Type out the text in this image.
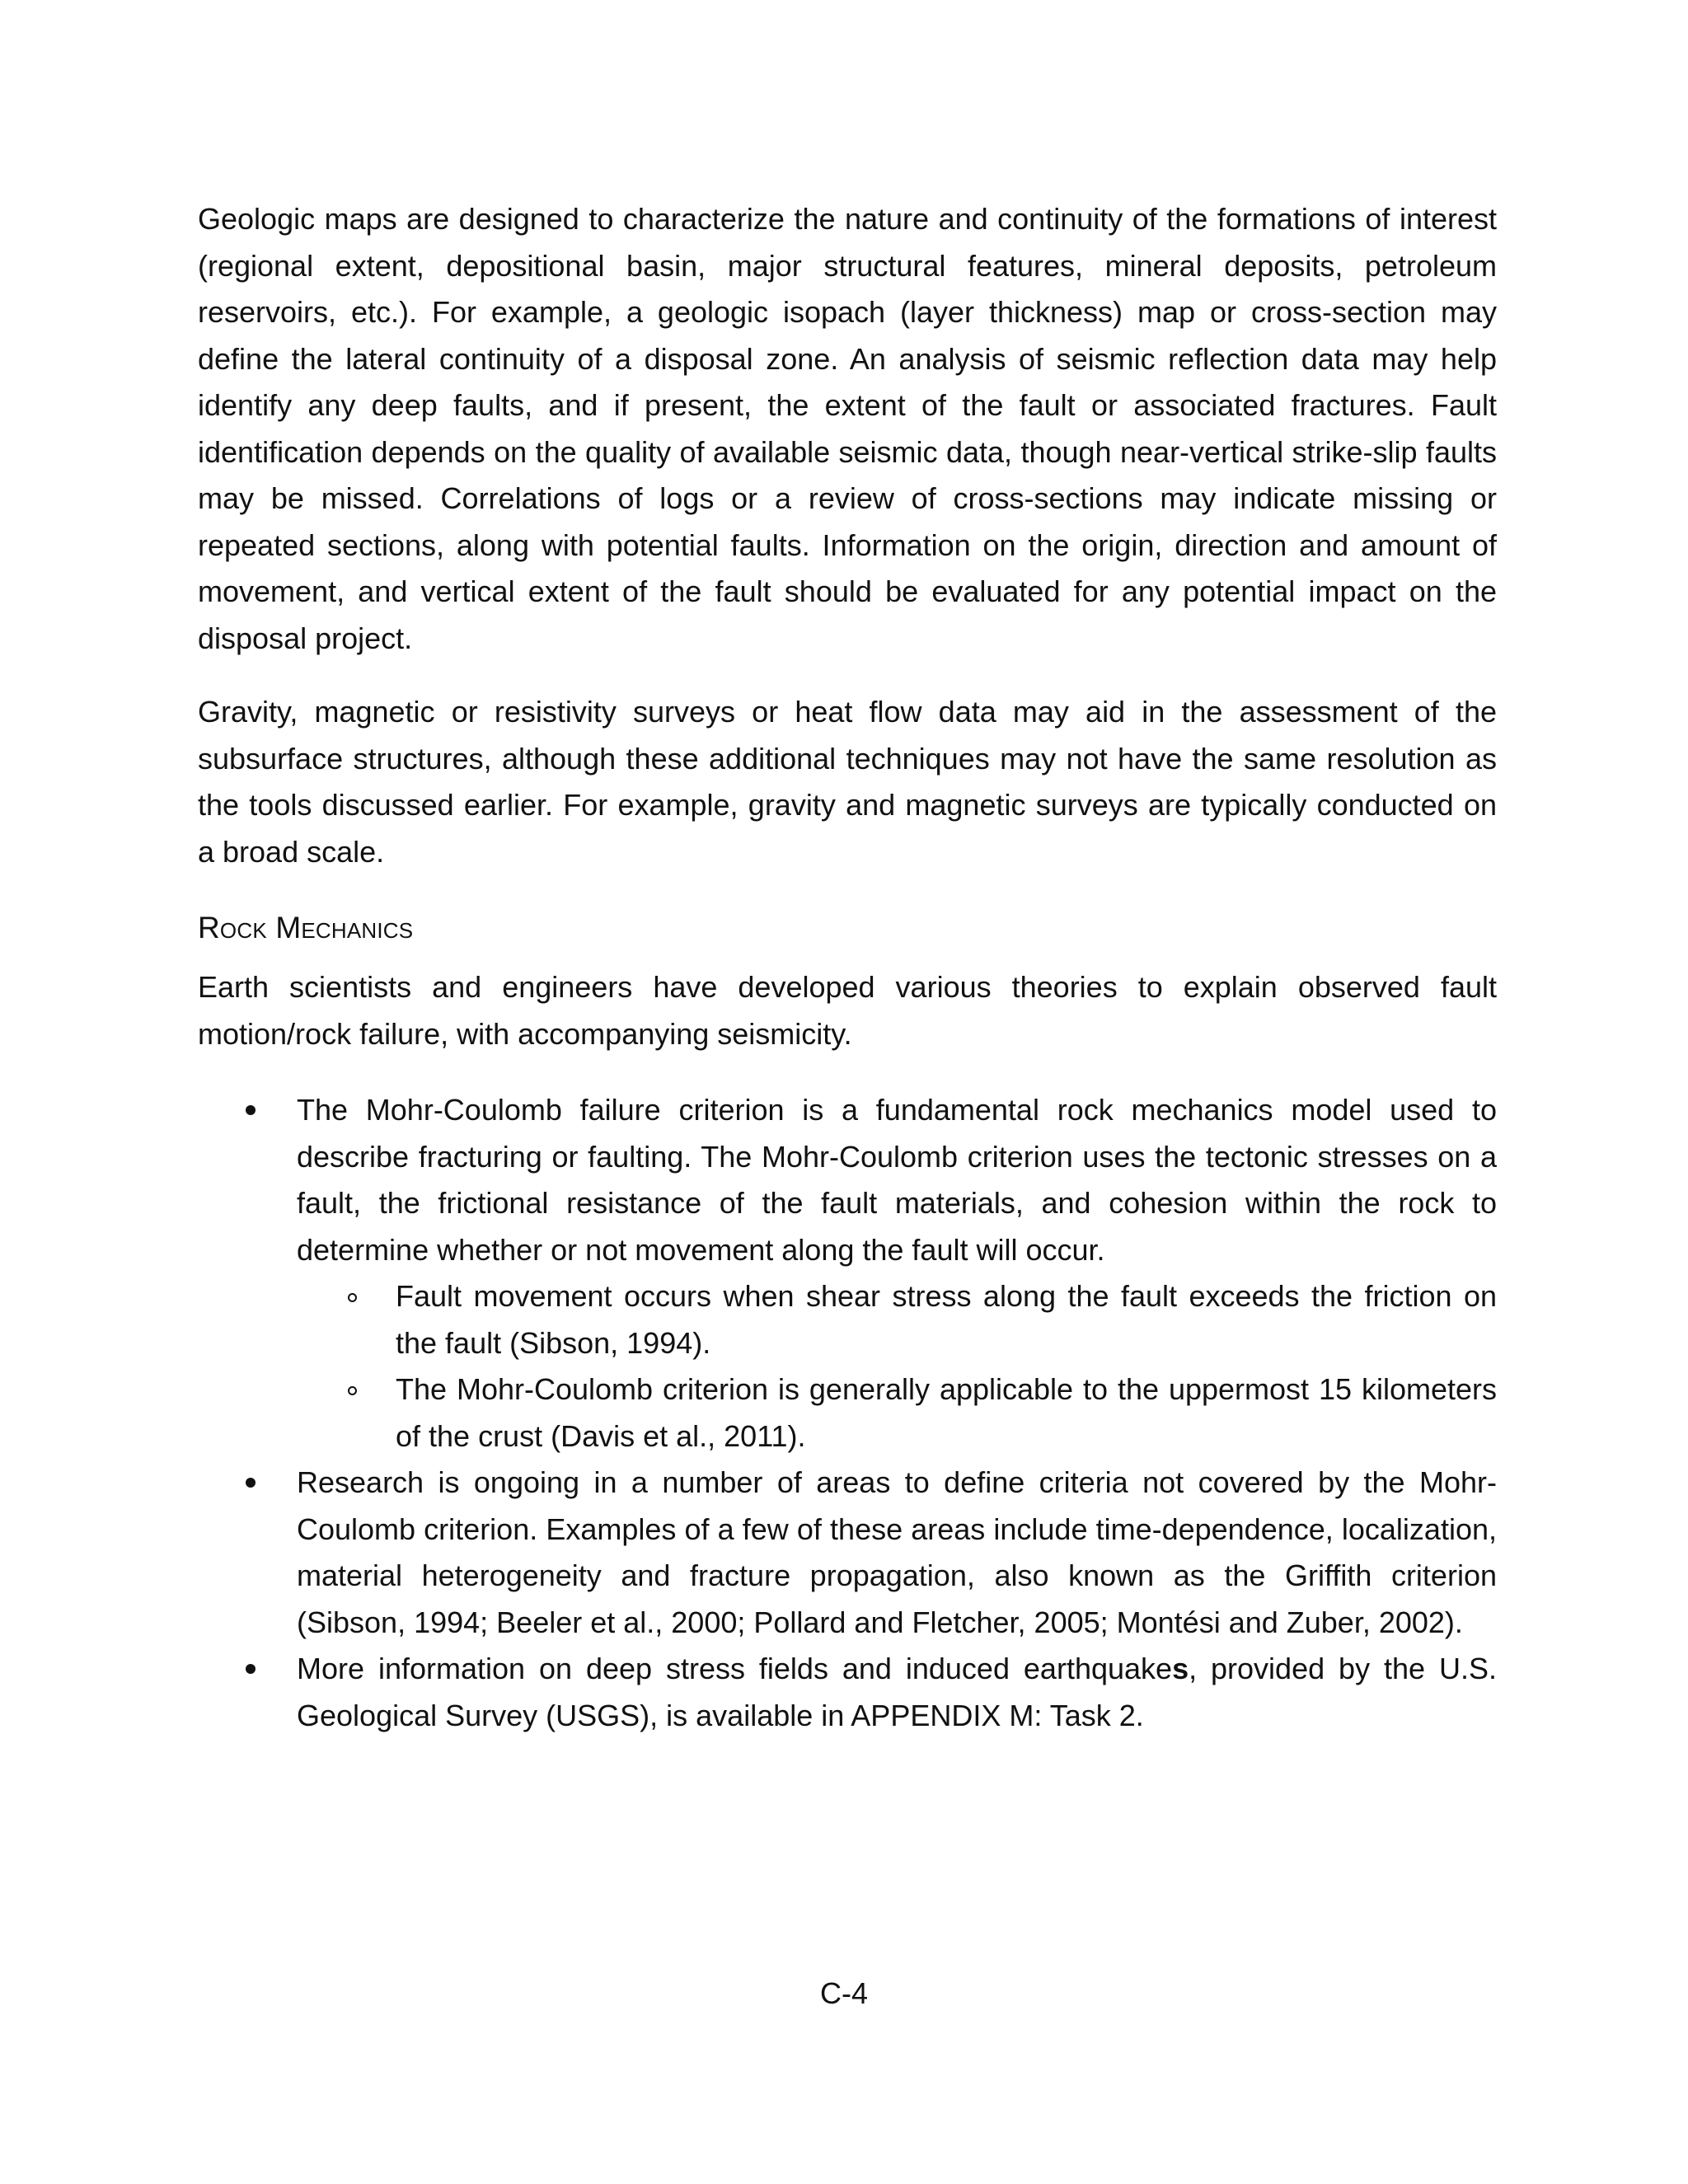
Geologic maps are designed to characterize the nature and continuity of the formations of interest (regional extent, depositional basin, major structural features, mineral deposits, petroleum reservoirs, etc.). For example, a geologic isopach (layer thickness) map or cross-section may define the lateral continuity of a disposal zone. An analysis of seismic reflection data may help identify any deep faults, and if present, the extent of the fault or associated fractures. Fault identification depends on the quality of available seismic data, though near-vertical strike-slip faults may be missed. Correlations of logs or a review of cross-sections may indicate missing or repeated sections, along with potential faults. Information on the origin, direction and amount of movement, and vertical extent of the fault should be evaluated for any potential impact on the disposal project.

Gravity, magnetic or resistivity surveys or heat flow data may aid in the assessment of the subsurface structures, although these additional techniques may not have the same resolution as the tools discussed earlier. For example, gravity and magnetic surveys are typically conducted on a broad scale.

Rock Mechanics

Earth scientists and engineers have developed various theories to explain observed fault motion/rock failure, with accompanying seismicity.

The Mohr-Coulomb failure criterion is a fundamental rock mechanics model used to describe fracturing or faulting. The Mohr-Coulomb criterion uses the tectonic stresses on a fault, the frictional resistance of the fault materials, and cohesion within the rock to determine whether or not movement along the fault will occur.
Fault movement occurs when shear stress along the fault exceeds the friction on the fault (Sibson, 1994).
The Mohr-Coulomb criterion is generally applicable to the uppermost 15 kilometers of the crust (Davis et al., 2011).
Research is ongoing in a number of areas to define criteria not covered by the Mohr-Coulomb criterion. Examples of a few of these areas include time-dependence, localization, material heterogeneity and fracture propagation, also known as the Griffith criterion (Sibson, 1994; Beeler et al., 2000; Pollard and Fletcher, 2005; Montési and Zuber, 2002).
More information on deep stress fields and induced earthquakes, provided by the U.S. Geological Survey (USGS), is available in APPENDIX M: Task 2.
C-4
